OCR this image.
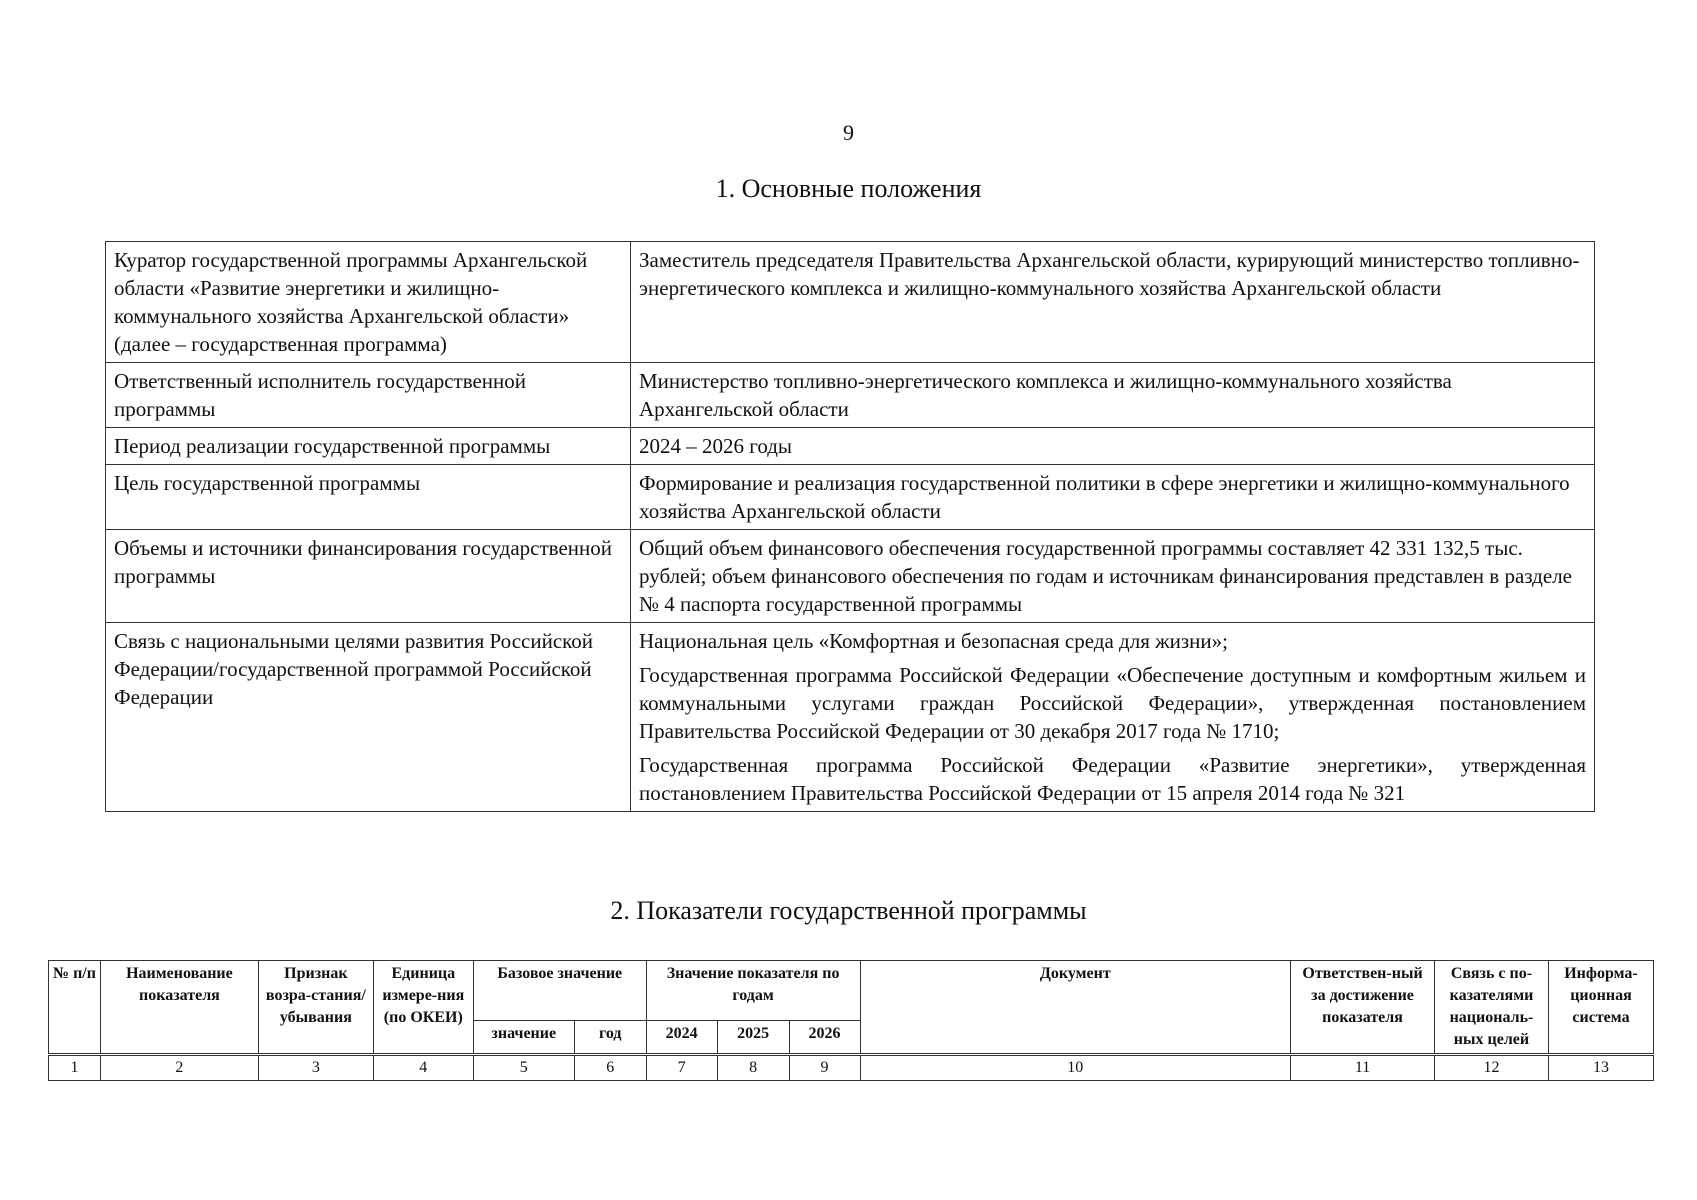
9
1. Основные положения
Куратор государственной программы Архангельской области «Развитие энергетики и жилищно-коммунального хозяйства Архангельской области» (далее – государственная программа)	Заместитель председателя Правительства Архангельской области, курирующий министерство топливно-энергетического комплекса и жилищно-коммунального хозяйства Архангельской области

Ответственный исполнитель государственной программы	Министерство топливно-энергетического комплекса и жилищно-коммунального хозяйства Архангельской области

Период реализации государственной программы	2024 – 2026 годы

Цель государственной программы	Формирование и реализация государственной политики в сфере энергетики и жилищно-коммунального хозяйства Архангельской области

Объемы и источники финансирования государственной программы	Общий объем финансового обеспечения государственной программы составляет 42 331 132,5 тыс. рублей; объем финансового обеспечения по годам и источникам финансирования представлен в разделе № 4 паспорта государственной программы

Связь с национальными целями развития Российской Федерации/государственной программой Российской Федерации	Национальная цель «Комфортная и безопасная среда для жизни»;

Государственная программа Российской Федерации «Обеспечение доступным и комфортным жильем и коммунальными услугами граждан Российской Федерации», утвержденная постановлением Правительства Российской Федерации от 30 декабря 2017 года № 1710;

Государственная программа Российской Федерации «Развитие энергетики», утвержденная постановлением Правительства Российской Федерации от 15 апреля 2014 года № 321

2. Показатели государственной программы
№ п/п	Наименование показателя	Признак возра-стания/ убывания	Единица измере-ния (по ОКЕИ)	Базовое значение		Значение показателя по годам			Документ	Ответствен-ный за достижение показателя	Связь с по-казателями националь-ных целей	Информа-ционная система
				значение	год	2024	2025	2026				
1	2	3	4	5	6	7	8	9	10	11	12	13
